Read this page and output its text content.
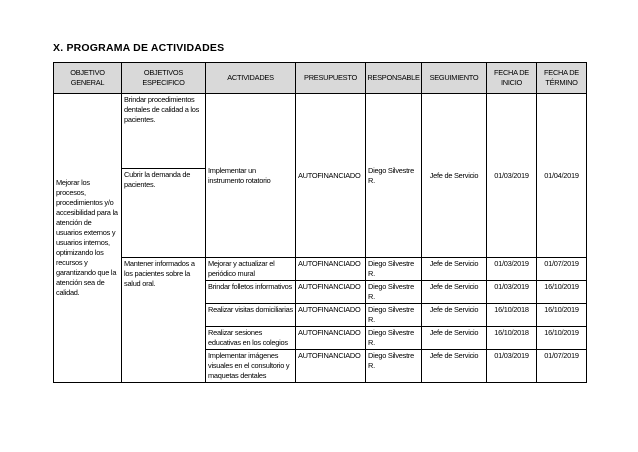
X. PROGRAMA DE ACTIVIDADES
OBJETIVO GENERAL	OBJETIVOS ESPECIFICO	ACTIVIDADES	PRESUPUESTO	RESPONSABLE	SEGUIMIENTO	FECHA DE INICIO	FECHA DE TÉRMINO
Mejorar los procesos, procedimientos y/o accesibilidad para la atención de usuarios externos y usuarios internos, optimizando los recursos y garantizando que la atención sea de calidad.	Brindar procedimientos dentales de calidad a los pacientes.	Implementar un instrumento rotatorio	AUTOFINANCIADO	Diego Silvestre R.	Jefe de Servicio	01/03/2019	01/04/2019
	Cubrir la demanda de pacientes.						
	Mantener informados a los pacientes sobre la salud oral.	Mejorar y actualizar el periódico mural	AUTOFINANCIADO	Diego Silvestre R.	Jefe de Servicio	01/03/2019	01/07/2019
		Brindar folletos informativos	AUTOFINANCIADO	Diego Silvestre R.	Jefe de Servicio	01/03/2019	16/10/2019
		Realizar visitas domiciliarias	AUTOFINANCIADO	Diego Silvestre R.	Jefe de Servicio	16/10/2018	16/10/2019
		Realizar sesiones educativas en los colegios	AUTOFINANCIADO	Diego Silvestre R.	Jefe de Servicio	16/10/2018	16/10/2019
		Implementar imágenes visuales en el consultorio y maquetas dentales	AUTOFINANCIADO	Diego Silvestre R.	Jefe de Servicio	01/03/2019	01/07/2019
